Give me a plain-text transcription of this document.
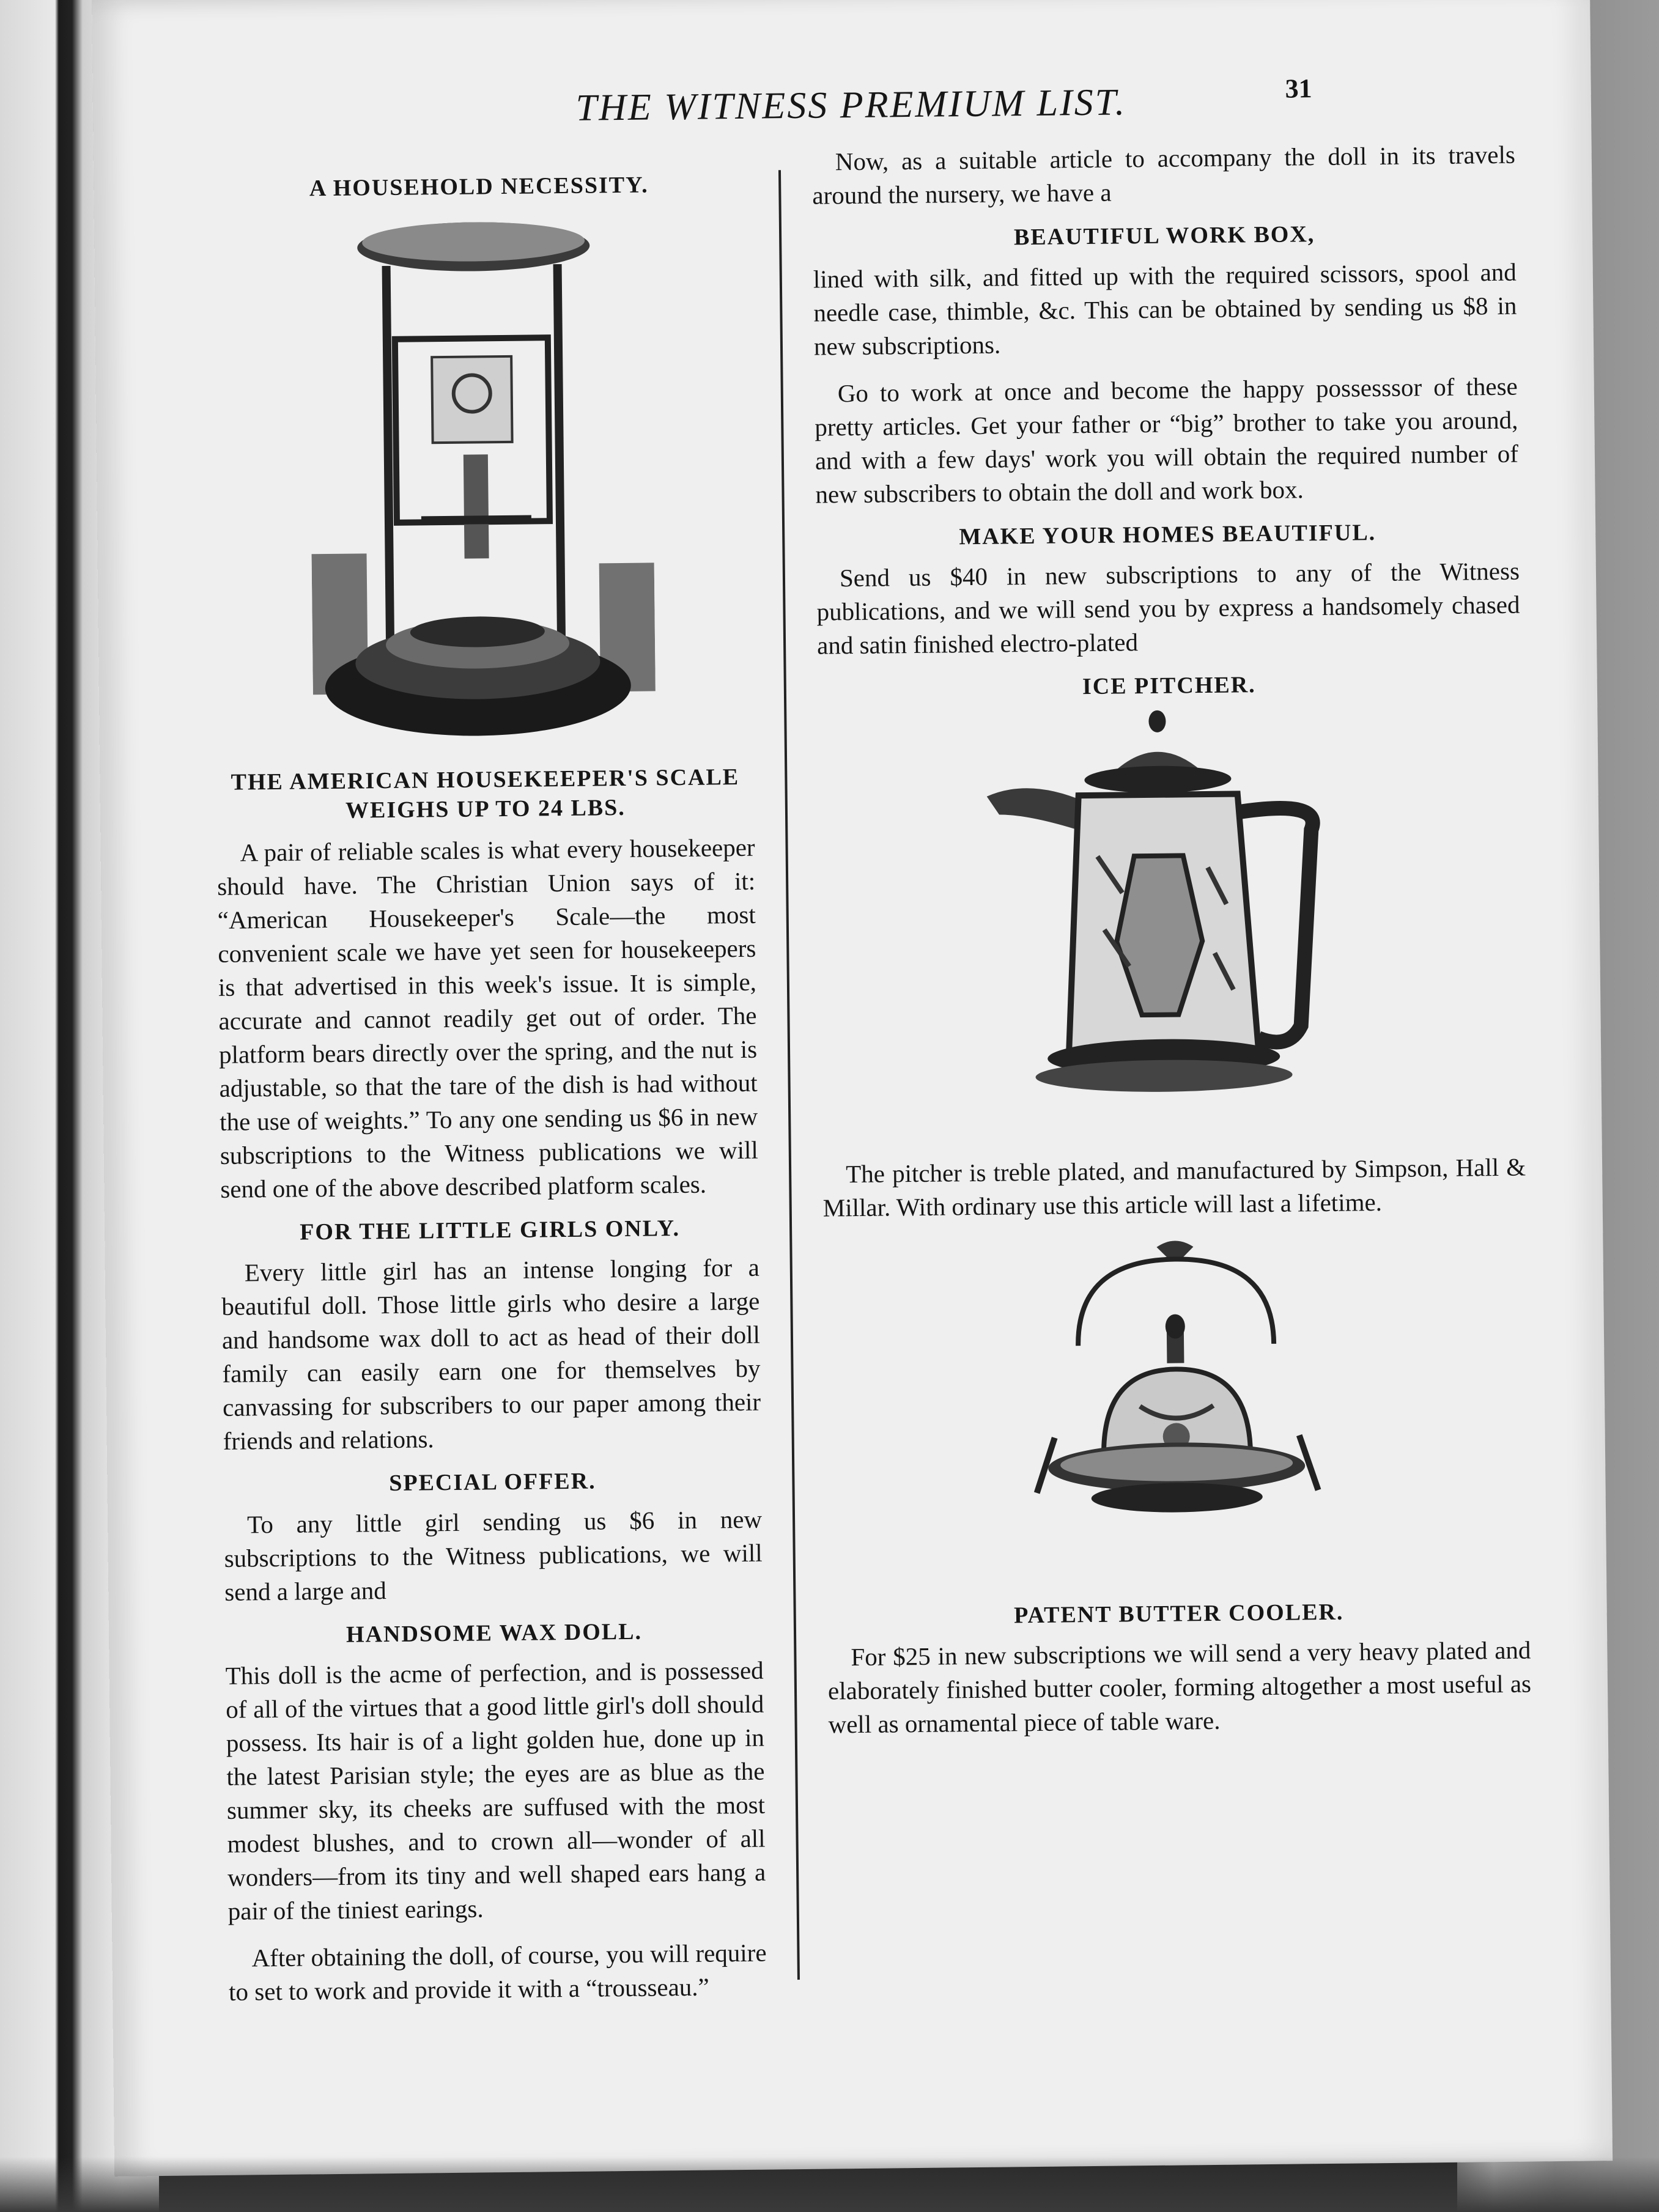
THE WITNESS PREMIUM LIST.	31
A HOUSEHOLD NECESSITY.
THE AMERICAN HOUSEKEEPER'S SCALE
WEIGHS UP TO 24 LBS.

A pair of reliable scales is what every housekeeper should have. The Christian Union says of it: “American Housekeeper's Scale—the most convenient scale we have yet seen for housekeepers is that advertised in this week's issue. It is simple, accurate and cannot readily get out of order. The platform bears directly over the spring, and the nut is adjustable, so that the tare of the dish is had without the use of weights.” To any one sending us $6 in new subscriptions to the Witness publications we will send one of the above described platform scales.

FOR THE LITTLE GIRLS ONLY.

Every little girl has an intense longing for a beautiful doll. Those little girls who desire a large and handsome wax doll to act as head of their doll family can easily earn one for themselves by canvassing for subscribers to our paper among their friends and relations.

SPECIAL OFFER.

To any little girl sending us $6 in new subscriptions to the Witness publications, we will send a large and

HANDSOME WAX DOLL.

This doll is the acme of perfection, and is possessed of all of the virtues that a good little girl's doll should possess. Its hair is of a light golden hue, done up in the latest Parisian style; the eyes are as blue as the summer sky, its cheeks are suffused with the most modest blushes, and to crown all—wonder of all wonders—from its tiny and well shaped ears hang a pair of the tiniest earings.

After obtaining the doll, of course, you will require to set to work and provide it with a “trousseau.”

Now, as a suitable article to accompany the doll in its travels around the nursery, we have a

BEAUTIFUL WORK BOX,

lined with silk, and fitted up with the required scissors, spool and needle case, thimble, &c. This can be obtained by sending us $8 in new subscriptions.

Go to work at once and become the happy possesssor of these pretty articles. Get your father or “big” brother to take you around, and with a few days' work you will obtain the required number of new subscribers to obtain the doll and work box.

MAKE YOUR HOMES BEAUTIFUL.

Send us $40 in new subscriptions to any of the Witness publications, and we will send you by express a handsomely chased and satin finished electro-plated

ICE PITCHER.

The pitcher is treble plated, and manufactured by Simpson, Hall & Millar. With ordinary use this article will last a lifetime.

PATENT BUTTER COOLER.

For $25 in new subscriptions we will send a very heavy plated and elaborately finished butter cooler, forming altogether a most useful as well as ornamental piece of table ware.
